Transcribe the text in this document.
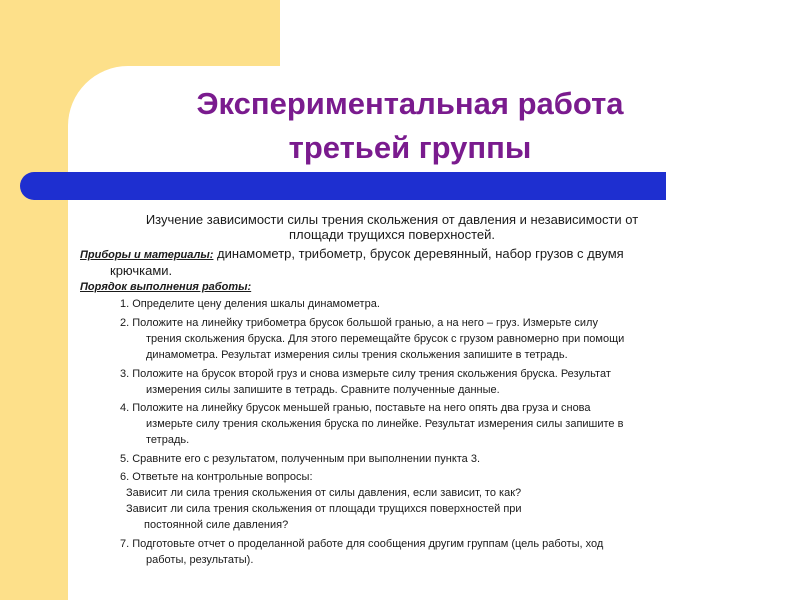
Экспериментальная работа
третьей группы
Изучение зависимости силы трения скольжения от давления и независимости от
площади трущихся поверхностей.
Приборы и материалы: динамометр, трибометр, брусок деревянный, набор грузов с двумя
крючками.
Порядок выполнения работы:
1. Определите цену деления шкалы динамометра.
2. Положите на линейку трибометра брусок большой гранью, а на него – груз. Измерьте силу
трения скольжения бруска. Для этого перемещайте брусок с грузом равномерно при помощи
динамометра. Результат измерения силы трения скольжения запишите в тетрадь.
3. Положите на брусок второй груз и снова измерьте силу трения скольжения бруска. Результат
измерения силы запишите в тетрадь. Сравните полученные данные.
4. Положите на линейку брусок меньшей гранью, поставьте на него опять два груза и снова
измерьте силу трения скольжения бруска по линейке. Результат измерения силы запишите в
тетрадь.
5. Сравните его с результатом, полученным при выполнении пункта 3.
6. Ответьте на контрольные вопросы:
Зависит ли сила трения скольжения от силы давления, если зависит, то как?
Зависит ли сила трения скольжения от площади трущихся поверхностей при
постоянной силе давления?
7. Подготовьте отчет о проделанной работе для сообщения другим группам (цель работы, ход
работы, результаты).
